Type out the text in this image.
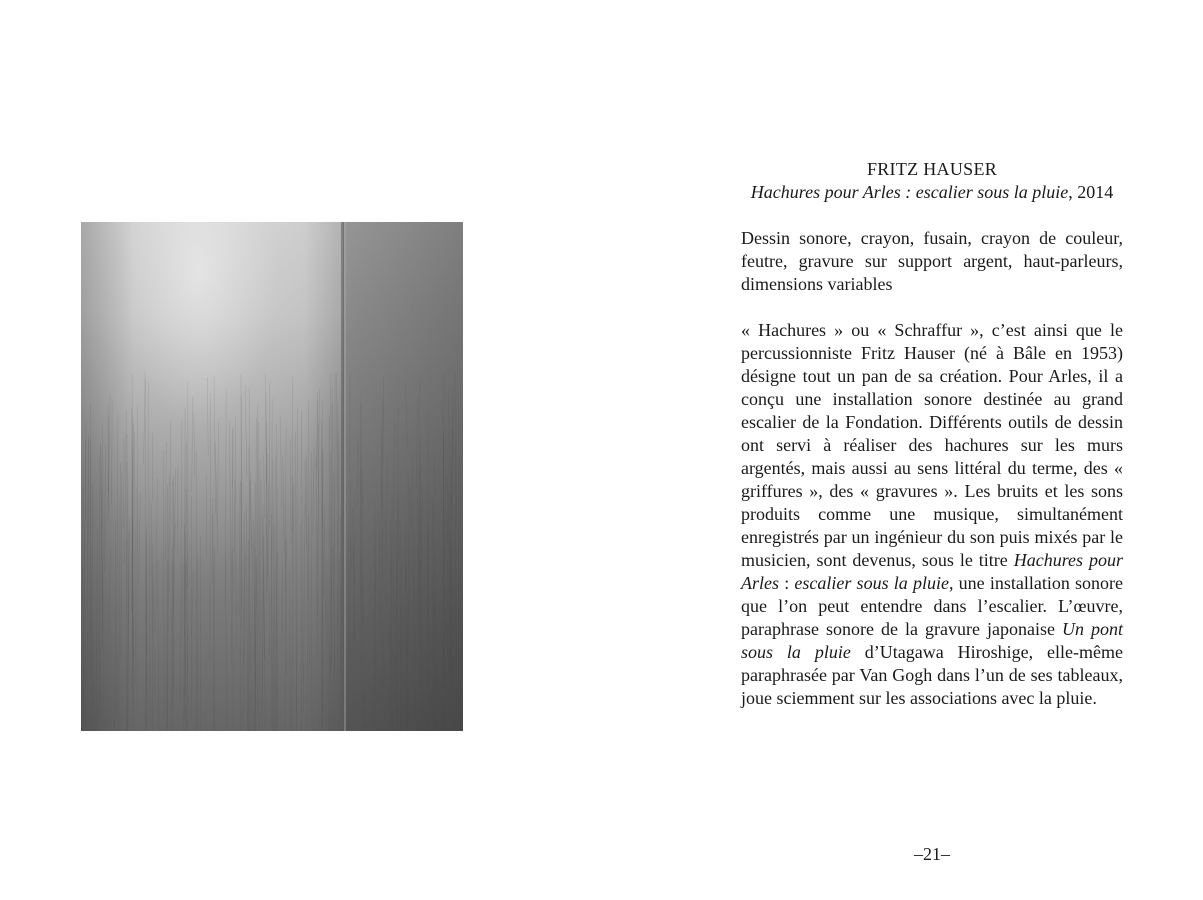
FRITZ HAUSER

Hachures pour Arles : escalier sous la pluie, 2014

Dessin sonore, crayon, fusain, crayon de couleur, feutre, gravure sur support argent, haut-parleurs, dimensions variables

« Hachures » ou « Schraffur », c’est ainsi que le percussionniste Fritz Hauser (né à Bâle en 1953) désigne tout un pan de sa création. Pour Arles, il a conçu une installation sonore destinée au grand escalier de la Fondation. Différents outils de dessin ont servi à réaliser des hachures sur les murs argentés, mais aussi au sens littéral du terme, des « griffures », des « gravures ». Les bruits et les sons produits comme une musique, simultanément enregistrés par un ingénieur du son puis mixés par le musicien, sont devenus, sous le titre Hachures pour Arles : escalier sous la pluie, une installation sonore que l’on peut entendre dans l’escalier. L’œuvre, paraphrase sonore de la gravure japonaise Un pont sous la pluie d’Utagawa Hiroshige, elle-même paraphrasée par Van Gogh dans l’un de ses tableaux, joue sciemment sur les associations avec la pluie.

–21–
